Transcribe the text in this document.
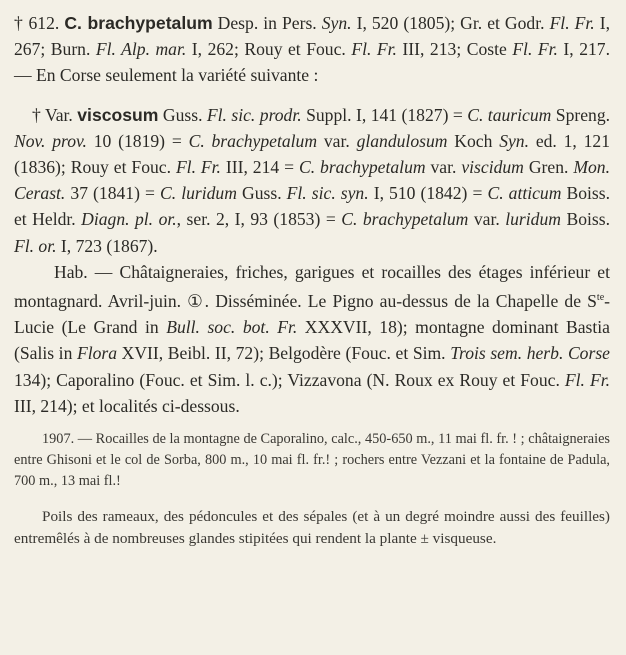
† 612. C. brachypetalum Desp. in Pers. Syn. I, 520 (1805); Gr. et Godr. Fl. Fr. I, 267; Burn. Fl. Alp. mar. I, 262; Rouy et Fouc. Fl. Fr. III, 213; Coste Fl. Fr. I, 217. — En Corse seulement la variété suivante :

† Var. viscosum Guss. Fl. sic. prodr. Suppl. I, 141 (1827) = C. tauricum Spreng. Nov. prov. 10 (1819) = C. brachypetalum var. glandulosum Koch Syn. ed. 1, 121 (1836); Rouy et Fouc. Fl. Fr. III, 214 = C. brachypetalum var. viscidum Gren. Mon. Cerast. 37 (1841) = C. luridum Guss. Fl. sic. syn. I, 510 (1842) = C. atticum Boiss. et Heldr. Diagn. pl. or., ser. 2, I, 93 (1853) = C. brachypetalum var. luridum Boiss. Fl. or. I, 723 (1867).

Hab. — Châtaigneraies, friches, garigues et rocailles des étages inférieur et montagnard. Avril-juin. ①. Disséminée. Le Pigno au-dessus de la Chapelle de $S^{te}$-Lucie (Le Grand in Bull. soc. bot. Fr. XXXVII, 18); montagne dominant Bastia (Salis in Flora XVII, Beibl. II, 72); Belgodère (Fouc. et Sim. Trois sem. herb. Corse 134); Caporalino (Fouc. et Sim. l. c.); Vizzavona (N. Roux ex Rouy et Fouc. Fl. Fr. III, 214); et localités ci-dessous.

1907. — Rocailles de la montagne de Caporalino, calc., 450-650 m., 11 mai fl. fr. ! ; châtaigneraies entre Ghisoni et le col de Sorba, 800 m., 10 mai fl. fr.! ; rochers entre Vezzani et la fontaine de Padula, 700 m., 13 mai fl.!

Poils des rameaux, des pédoncules et des sépales (et à un degré moindre aussi des feuilles) entremêlés à de nombreuses glandes stipitées qui rendent la plante ± visqueuse.
